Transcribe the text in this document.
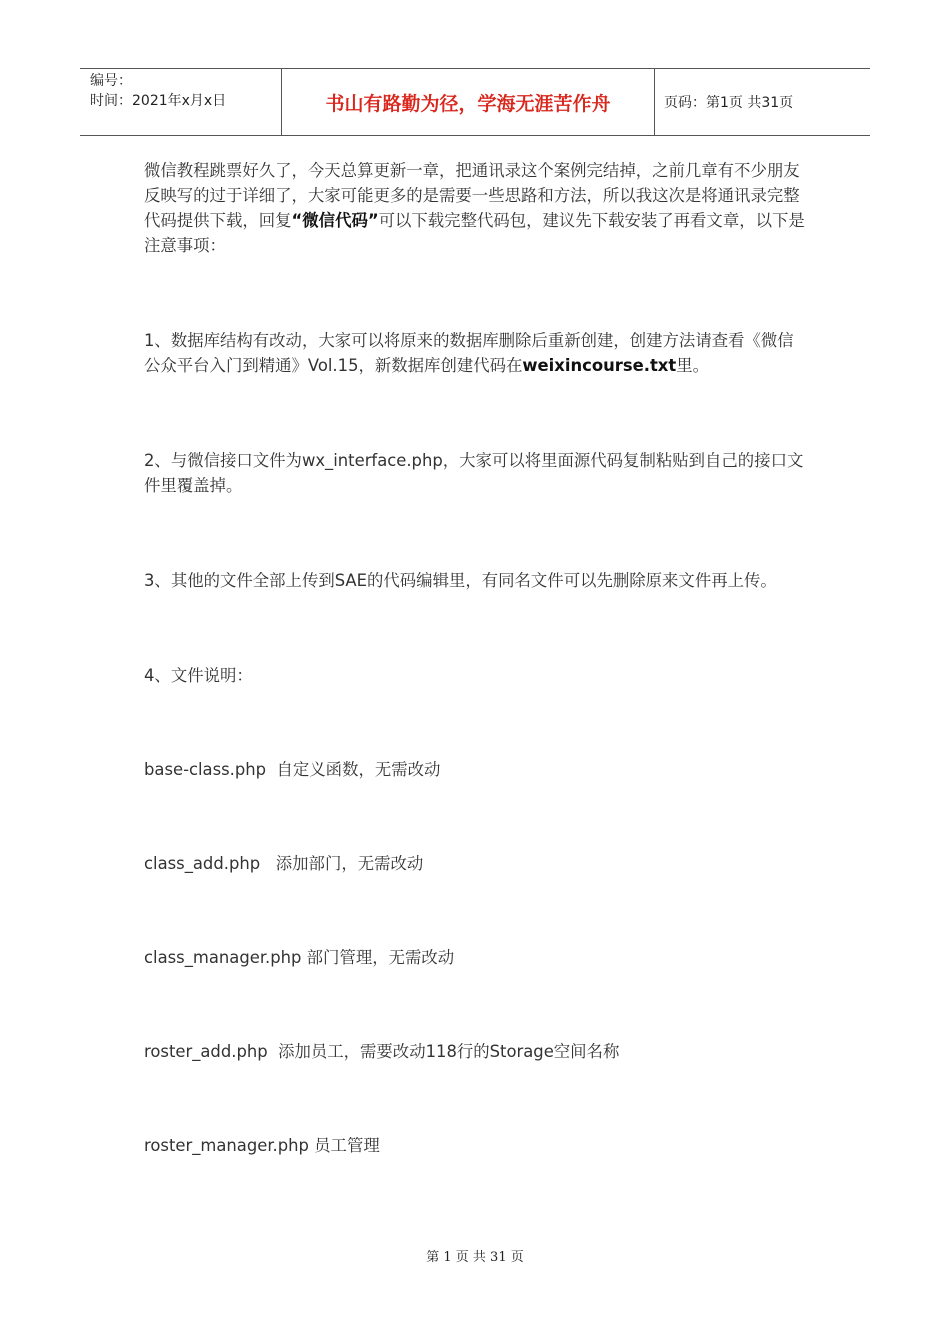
编号：
时间：2021年x月x日	书山有路勤为径，学海无涯苦作舟	页码：第1页 共31页

微信教程跳票好久了，今天总算更新一章，把通讯录这个案例完结掉，之前几章有不少朋友反映写的过于详细了，大家可能更多的是需要一些思路和方法，所以我这次是将通讯录完整代码提供下载，回复“微信代码”可以下载完整代码包，建议先下载安装了再看文章，以下是注意事项：

1、数据库结构有改动，大家可以将原来的数据库删除后重新创建，创建方法请查看《微信公众平台入门到精通》Vol.15，新数据库创建代码在weixincourse.txt里。

2、与微信接口文件为wx_interface.php，大家可以将里面源代码复制粘贴到自己的接口文件里覆盖掉。

3、其他的文件全部上传到SAE的代码编辑里，有同名文件可以先删除原来文件再上传。

4、文件说明：

base-class.php  自定义函数，无需改动

class_add.php   添加部门，无需改动

class_manager.php 部门管理，无需改动

roster_add.php  添加员工，需要改动118行的Storage空间名称

roster_manager.php 员工管理

第 1 页 共 31 页
